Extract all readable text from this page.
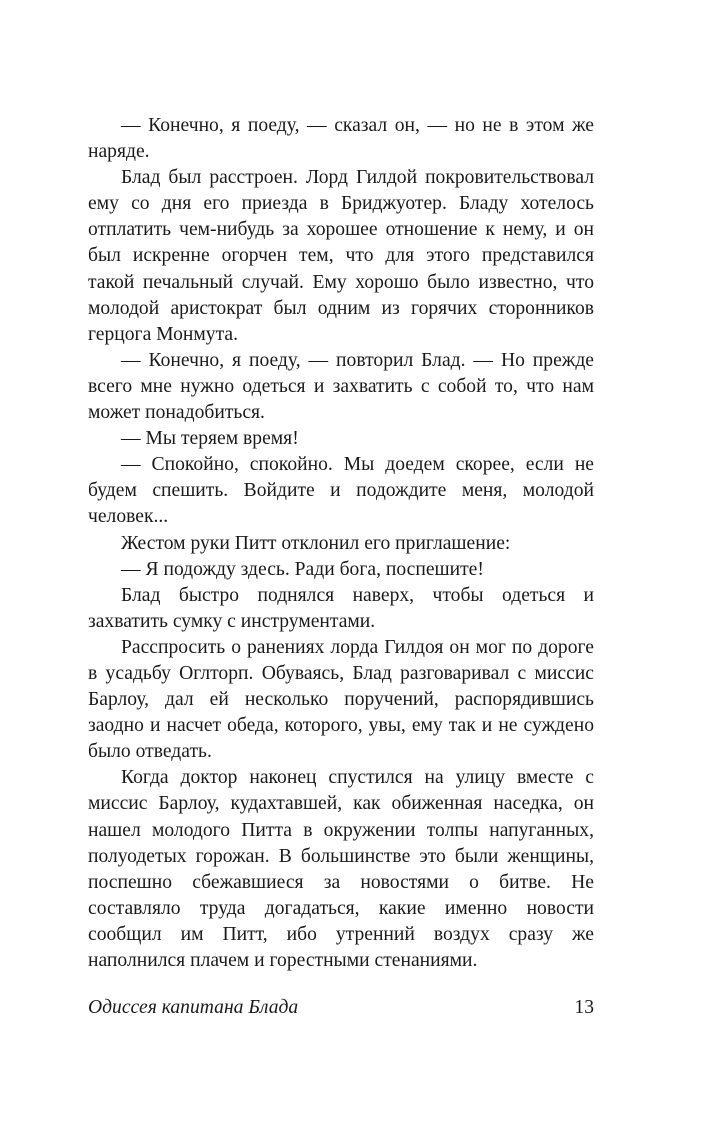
— Конечно, я поеду, — сказал он, — но не в этом же наряде.

Блад был расстроен. Лорд Гилдой покровительствовал ему со дня его приезда в Бриджуотер. Бладу хотелось отплатить чем-нибудь за хорошее отношение к нему, и он был искренне огорчен тем, что для этого представился такой печальный случай. Ему хорошо было известно, что молодой аристократ был одним из горячих сторонников герцога Монмута.

— Конечно, я поеду, — повторил Блад. — Но прежде всего мне нужно одеться и захватить с собой то, что нам может понадобиться.

— Мы теряем время!

— Спокойно, спокойно. Мы доедем скорее, если не будем спешить. Войдите и подождите меня, молодой человек...

Жестом руки Питт отклонил его приглашение:

— Я подожду здесь. Ради бога, поспешите!

Блад быстро поднялся наверх, чтобы одеться и захватить сумку с инструментами.

Расспросить о ранениях лорда Гилдоя он мог по дороге в усадьбу Оглторп. Обуваясь, Блад разговаривал с миссис Барлоу, дал ей несколько поручений, распорядившись заодно и насчет обеда, которого, увы, ему так и не суждено было отведать.

Когда доктор наконец спустился на улицу вместе с миссис Барлоу, кудахтавшей, как обиженная наседка, он нашел молодого Питта в окружении толпы напуганных, полуодетых горожан. В большинстве это были женщины, поспешно сбежавшиеся за новостями о битве. Не составляло труда догадаться, какие именно новости сообщил им Питт, ибо утренний воздух сразу же наполнился плачем и горестными стенаниями.

Одиссея капитана Блада	13
